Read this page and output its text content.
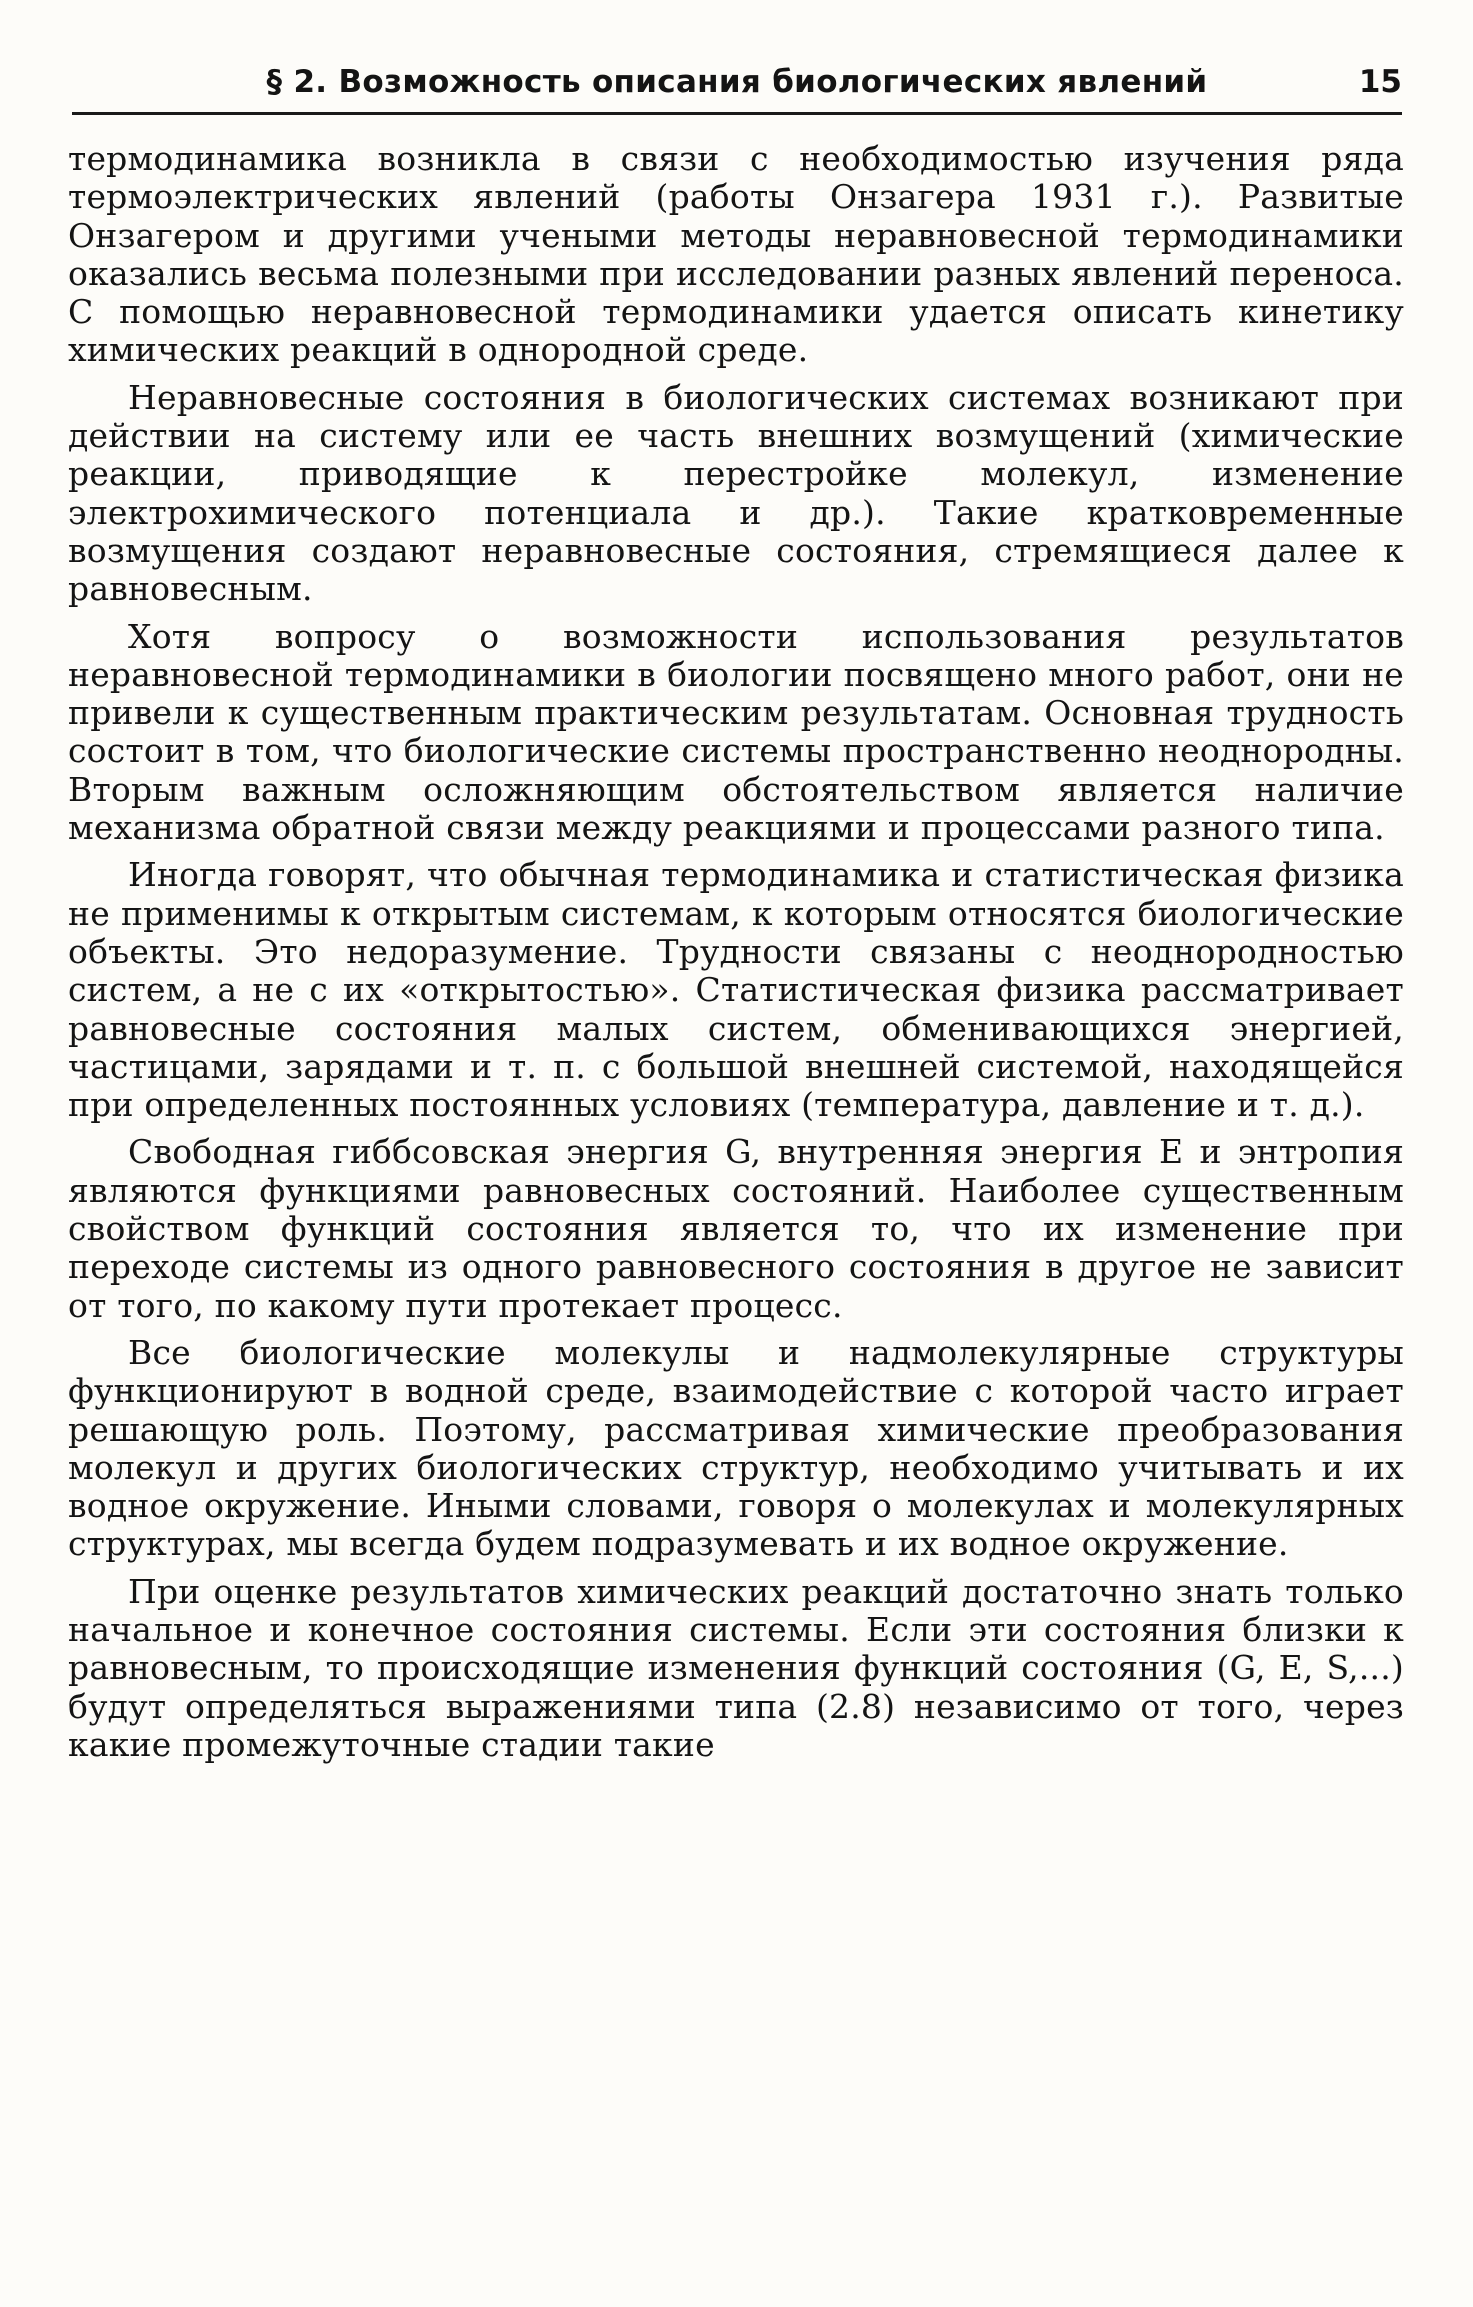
§ 2. Возможность описания биологических явлений	15

термодинамика возникла в связи с необходимостью изучения ряда термоэлектрических явлений (работы Онзагера 1931 г.). Развитые Онзагером и другими учеными методы неравновесной термодинамики оказались весьма полезными при исследовании разных явлений переноса. С помощью неравновесной термодинамики удается описать кинетику химических реакций в однородной среде.

Неравновесные состояния в биологических системах возникают при действии на систему или ее часть внешних возмущений (химические реакции, приводящие к перестройке молекул, изменение электрохимического потенциала и др.). Такие кратковременные возмущения создают неравновесные состояния, стремящиеся далее к равновесным.

Хотя вопросу о возможности использования результатов неравновесной термодинамики в биологии посвящено много работ, они не привели к существенным практическим результатам. Основная трудность состоит в том, что биологические системы пространственно неоднородны. Вторым важным осложняющим обстоятельством является наличие механизма обратной связи между реакциями и процессами разного типа.

Иногда говорят, что обычная термодинамика и статистическая физика не применимы к открытым системам, к которым относятся биологические объекты. Это недоразумение. Трудности связаны с неоднородностью систем, а не с их «открытостью». Статистическая физика рассматривает равновесные состояния малых систем, обменивающихся энергией, частицами, зарядами и т. п. с большой внешней системой, находящейся при определенных постоянных условиях (температура, давление и т. д.).

Свободная гиббсовская энергия G, внутренняя энергия E и энтропия являются функциями равновесных состояний. Наиболее существенным свойством функций состояния является то, что их изменение при переходе системы из одного равновесного состояния в другое не зависит от того, по какому пути протекает процесс.

Все биологические молекулы и надмолекулярные структуры функционируют в водной среде, взаимодействие с которой часто играет решающую роль. Поэтому, рассматривая химические преобразования молекул и других биологических структур, необходимо учитывать и их водное окружение. Иными словами, говоря о молекулах и молекулярных структурах, мы всегда будем подразумевать и их водное окружение.

При оценке результатов химических реакций достаточно знать только начальное и конечное состояния системы. Если эти состояния близки к равновесным, то происходящие изменения функций состояния (G, E, S,...) будут определяться выражениями типа (2.8) независимо от того, через какие промежуточные стадии такие
